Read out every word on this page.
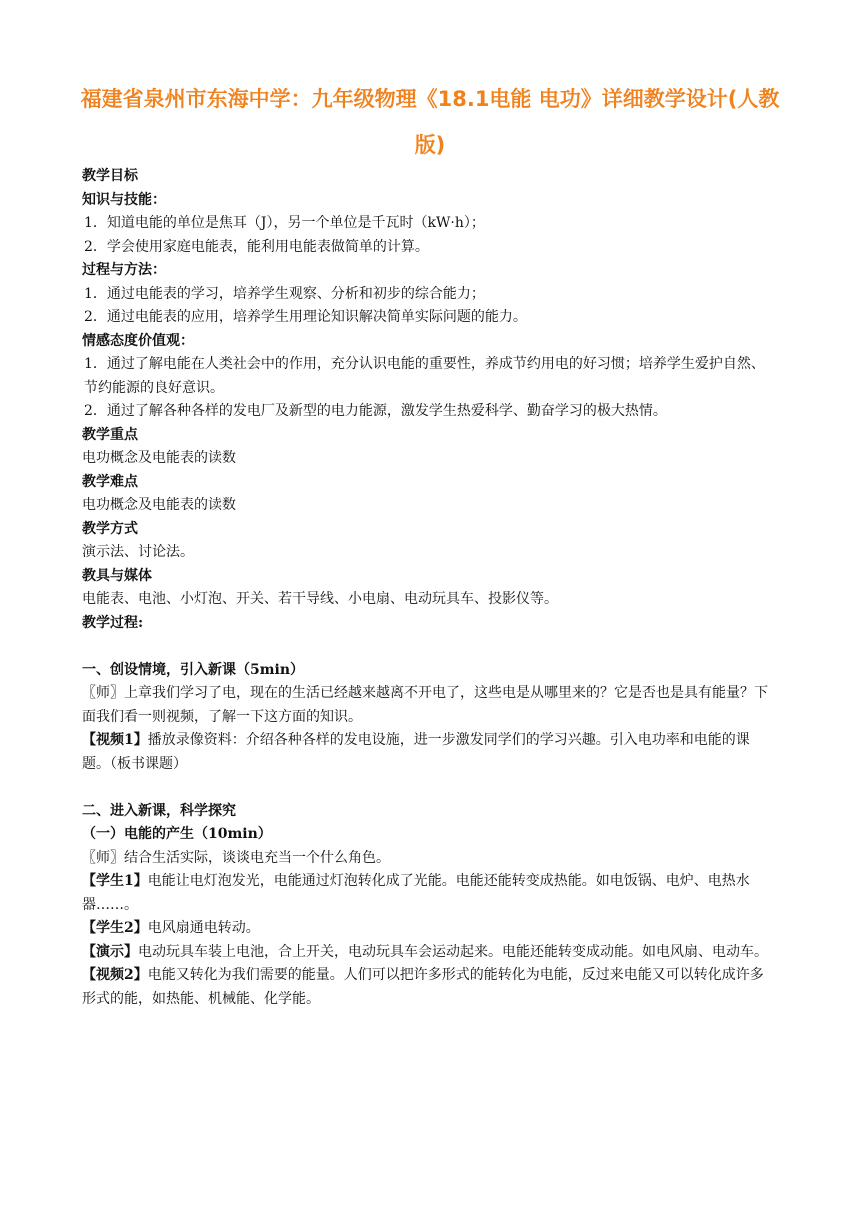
福建省泉州市东海中学：九年级物理《18.1电能 电功》详细教学设计(人教版)

教学目标

知识与技能：

1．知道电能的单位是焦耳（J），另一个单位是千瓦时（kW·h）；

2．学会使用家庭电能表，能利用电能表做简单的计算。

过程与方法：

1．通过电能表的学习，培养学生观察、分析和初步的综合能力；

2．通过电能表的应用，培养学生用理论知识解决简单实际问题的能力。

情感态度价值观：

1．通过了解电能在人类社会中的作用，充分认识电能的重要性，养成节约用电的好习惯；培养学生爱护自然、节约能源的良好意识。

2．通过了解各种各样的发电厂及新型的电力能源，激发学生热爱科学、勤奋学习的极大热情。

教学重点

电功概念及电能表的读数

教学难点

电功概念及电能表的读数

教学方式

演示法、讨论法。

教具与媒体

电能表、电池、小灯泡、开关、若干导线、小电扇、电动玩具车、投影仪等。

教学过程:

一、创设情境，引入新课（5min）

〖师〗上章我们学习了电，现在的生活已经越来越离不开电了，这些电是从哪里来的？它是否也是具有能量？下面我们看一则视频，了解一下这方面的知识。

【视频1】播放录像资料：介绍各种各样的发电设施，进一步激发同学们的学习兴趣。引入电功率和电能的课题。（板书课题）

二、进入新课，科学探究

（一）电能的产生（10min）

〖师〗结合生活实际，谈谈电充当一个什么角色。

【学生1】电能让电灯泡发光，电能通过灯泡转化成了光能。电能还能转变成热能。如电饭锅、电炉、电热水器……。

【学生2】电风扇通电转动。

【演示】电动玩具车装上电池，合上开关，电动玩具车会运动起来。电能还能转变成动能。如电风扇、电动车。

【视频2】电能又转化为我们需要的能量。人们可以把许多形式的能转化为电能，反过来电能又可以转化成许多形式的能，如热能、机械能、化学能。
